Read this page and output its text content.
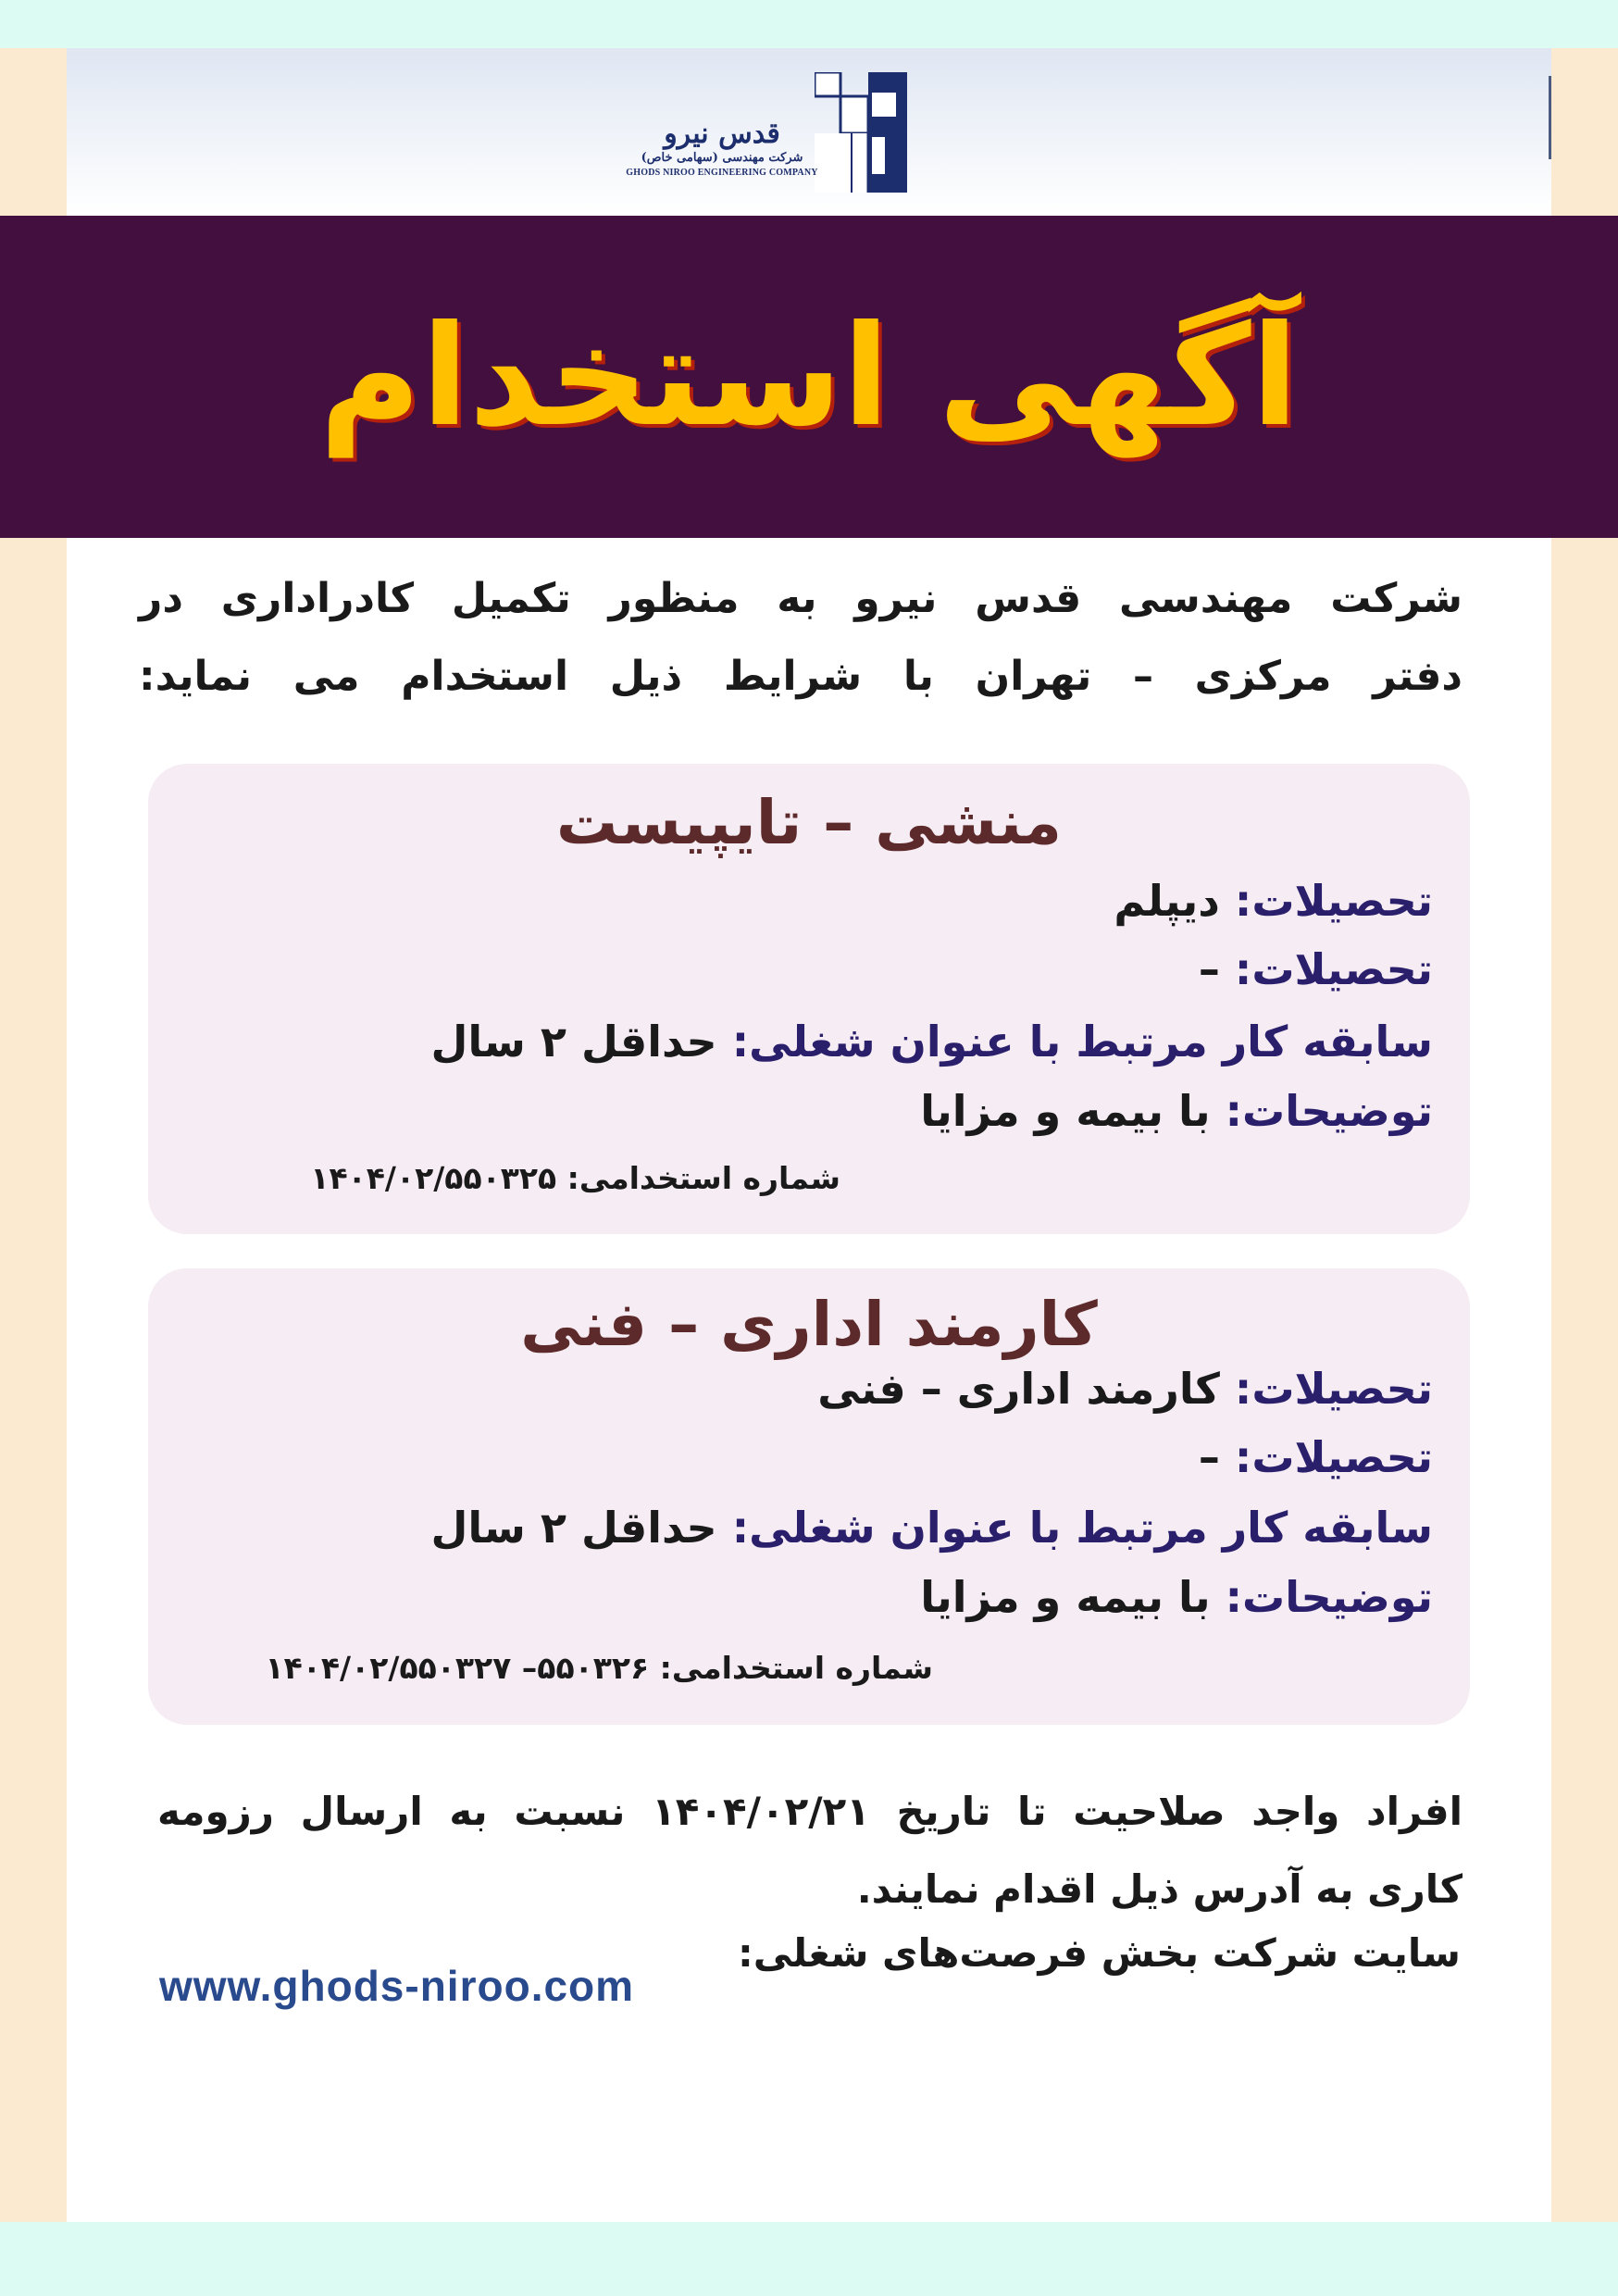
قدس نیرو
شرکت مهندسی (سهامی خاص)
GHODS NIROO ENGINEERING COMPANY
آگهی استخدام
شرکت مهندسی قدس نیرو به منظور تکمیل کادراداری در
دفتر مرکزی – تهران با شرایط ذیل استخدام می نماید:
منشی – تایپیست
تحصیلات: دیپلم
تحصیلات: –
سابقه کار مرتبط با عنوان شغلی: حداقل ۲ سال
توضیحات: با بیمه و مزایا
شماره استخدامی: ۱۴۰۴/۰۲/۵۵۰۳۲۵
کارمند اداری – فنی
تحصیلات: کارمند اداری – فنی
تحصیلات: –
سابقه کار مرتبط با عنوان شغلی: حداقل ۲ سال
توضیحات: با بیمه و مزایا
شماره استخدامی: ۵۵۰۳۲۶– ۱۴۰۴/۰۲/۵۵۰۳۲۷
افراد واجد صلاحیت تا تاریخ ۱۴۰۴/۰۲/۲۱ نسبت به ارسال رزومه
کاری به آدرس ذیل اقدام نمایند.
سایت شرکت بخش فرصت‌های شغلی:
www.ghods-niroo.com
